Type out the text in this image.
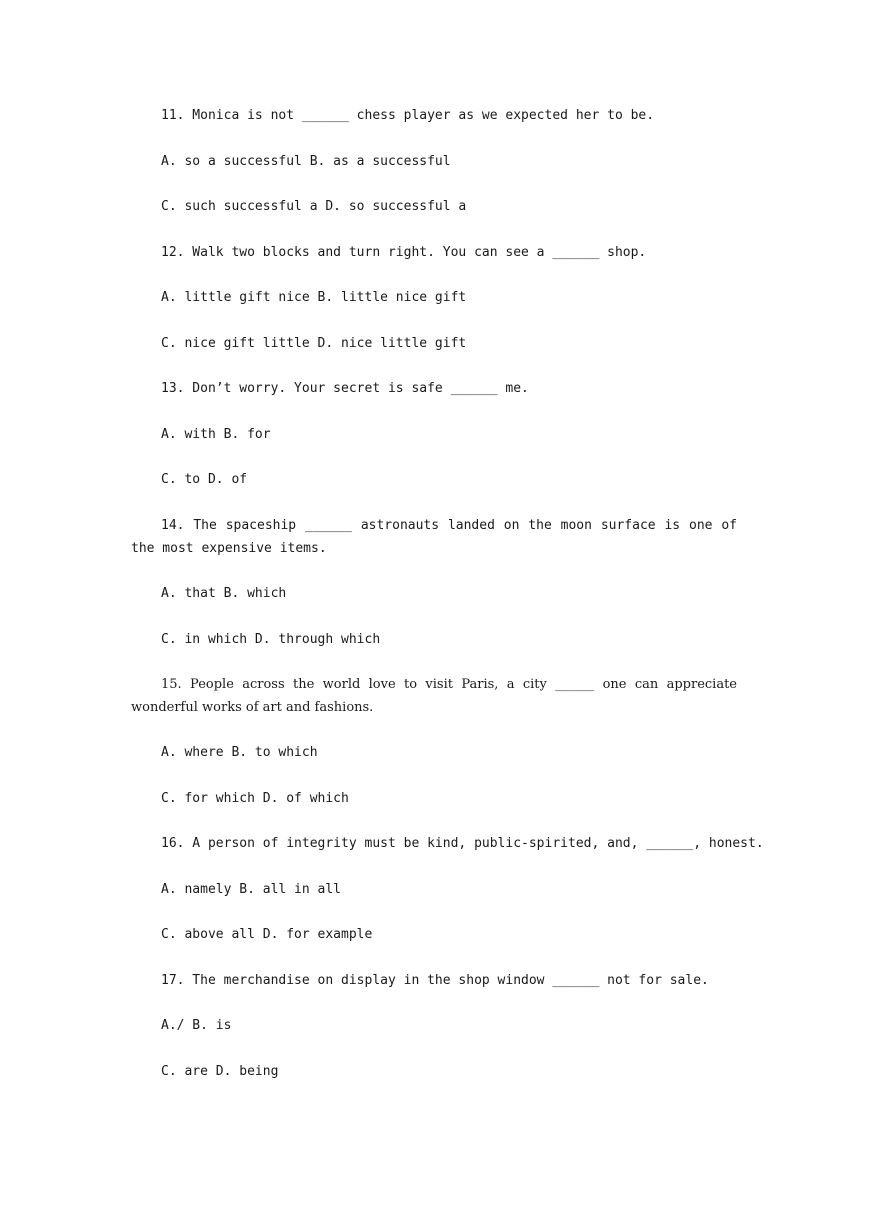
11. Monica is not ______ chess player as we expected her to be.
A. so a successful B. as a successful
C. such successful a D. so successful a
12. Walk two blocks and turn right. You can see a ______ shop.
A. little gift nice B. little nice gift
C. nice gift little D. nice little gift
13. Don’t worry. Your secret is safe ______ me.
A. with B. for
C. to D. of
14. The spaceship ______ astronauts landed on the moon surface is one of the most expensive items.
A. that B. which
C. in which D. through which
15. People across the world love to visit Paris, a city ______ one can appreciate wonderful works of art and fashions.
A. where B. to which
C. for which D. of which
16. A person of integrity must be kind, public-spirited, and, ______, honest.
A. namely B. all in all
C. above all D. for example
17. The merchandise on display in the shop window ______ not for sale.
A./ B. is
C. are D. being
